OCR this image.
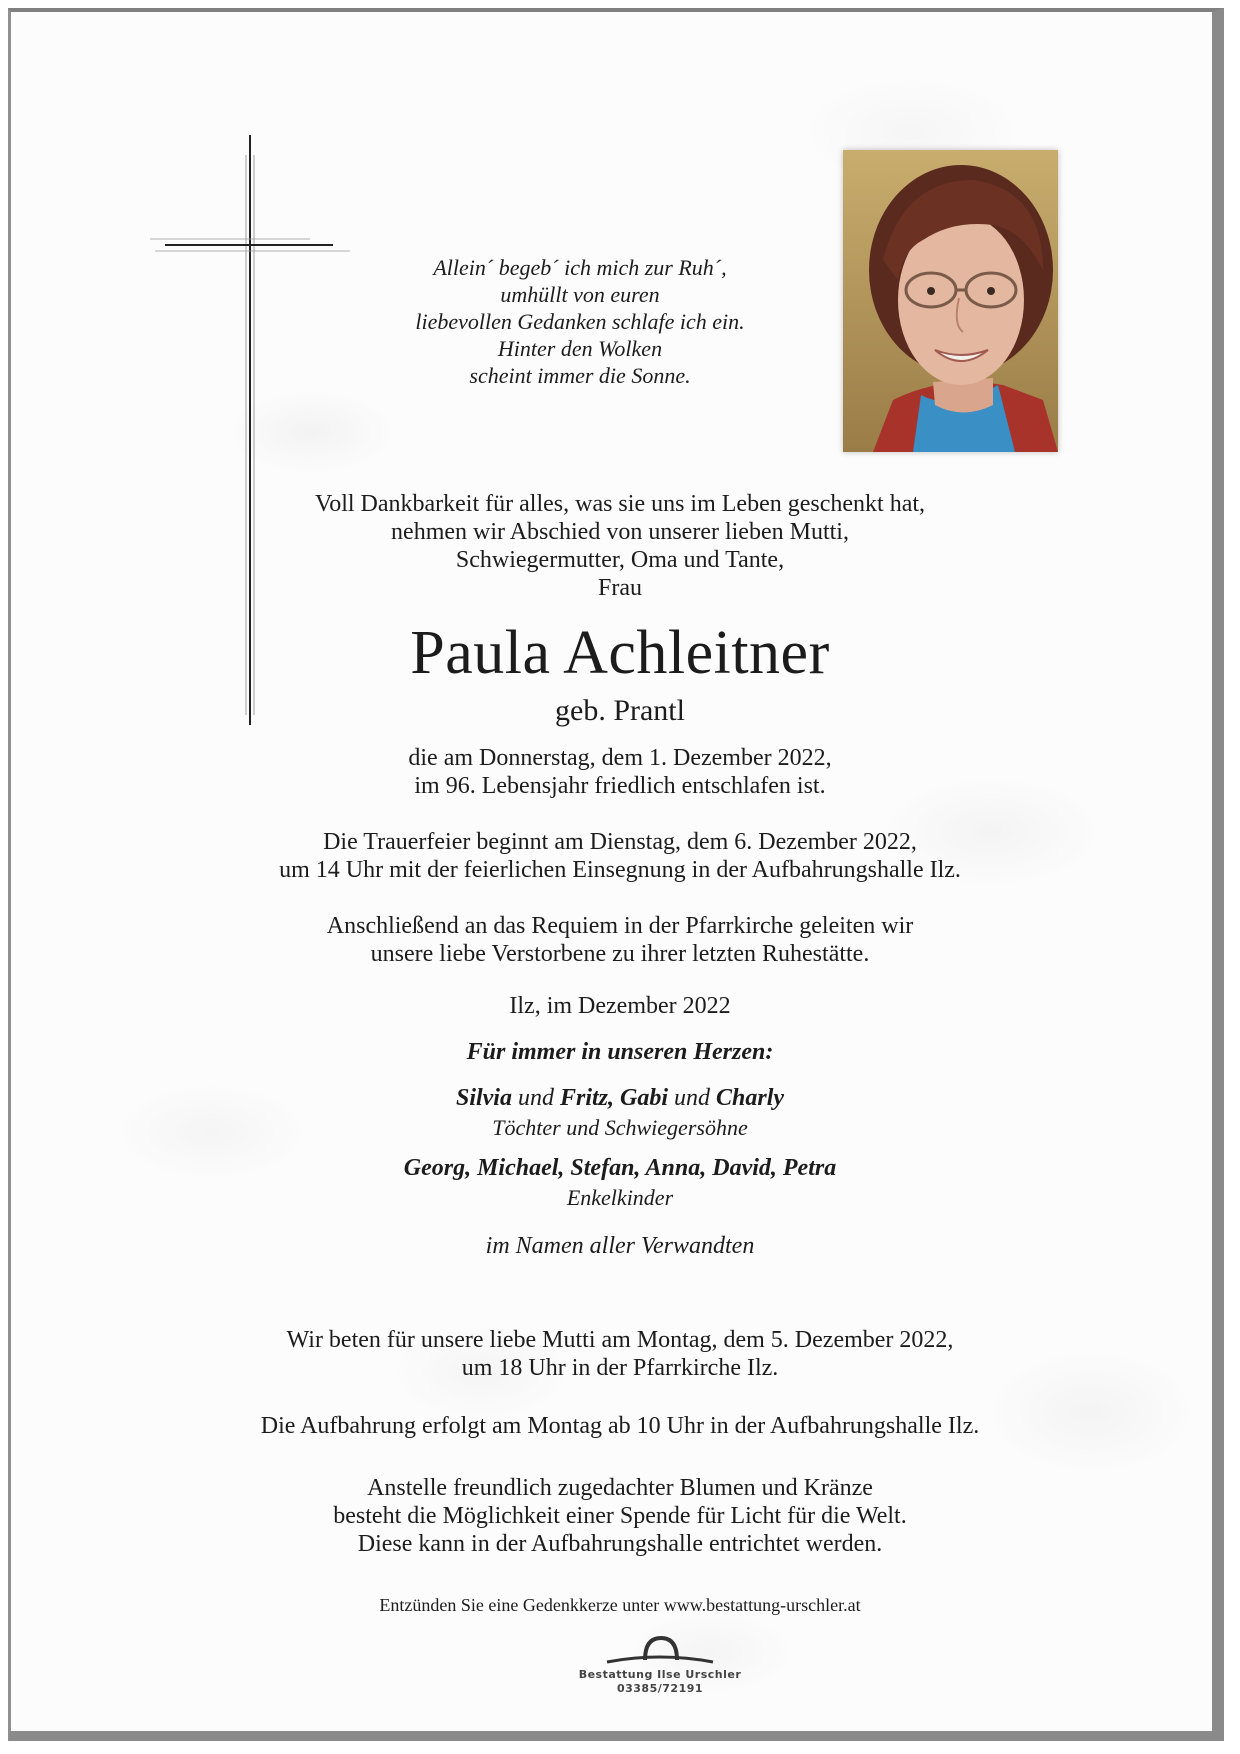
Allein´ begeb´ ich mich zur Ruh´,
umhüllt von euren
liebevollen Gedanken schlafe ich ein.
Hinter den Wolken
scheint immer die Sonne.
Voll Dankbarkeit für alles, was sie uns im Leben geschenkt hat,
nehmen wir Abschied von unserer lieben Mutti,
Schwiegermutter, Oma und Tante,
Frau
Paula Achleitner
geb. Prantl
die am Donnerstag, dem 1. Dezember 2022,
im 96. Lebensjahr friedlich entschlafen ist.
Die Trauerfeier beginnt am Dienstag, dem 6. Dezember 2022,
um 14 Uhr mit der feierlichen Einsegnung in der Aufbahrungshalle Ilz.
Anschließend an das Requiem in der Pfarrkirche geleiten wir
unsere liebe Verstorbene zu ihrer letzten Ruhestätte.
Ilz, im Dezember 2022
Für immer in unseren Herzen:
Silvia und Fritz, Gabi und Charly
Töchter und Schwiegersöhne
Georg, Michael, Stefan, Anna, David, Petra
Enkelkinder
im Namen aller Verwandten
Wir beten für unsere liebe Mutti am Montag, dem 5. Dezember 2022,
um 18 Uhr in der Pfarrkirche Ilz.
Die Aufbahrung erfolgt am Montag ab 10 Uhr in der Aufbahrungshalle Ilz.
Anstelle freundlich zugedachter Blumen und Kränze
besteht die Möglichkeit einer Spende für Licht für die Welt.
Diese kann in der Aufbahrungshalle entrichtet werden.
Entzünden Sie eine Gedenkkerze unter www.bestattung-urschler.at
Bestattung Ilse Urschler
03385/72191
